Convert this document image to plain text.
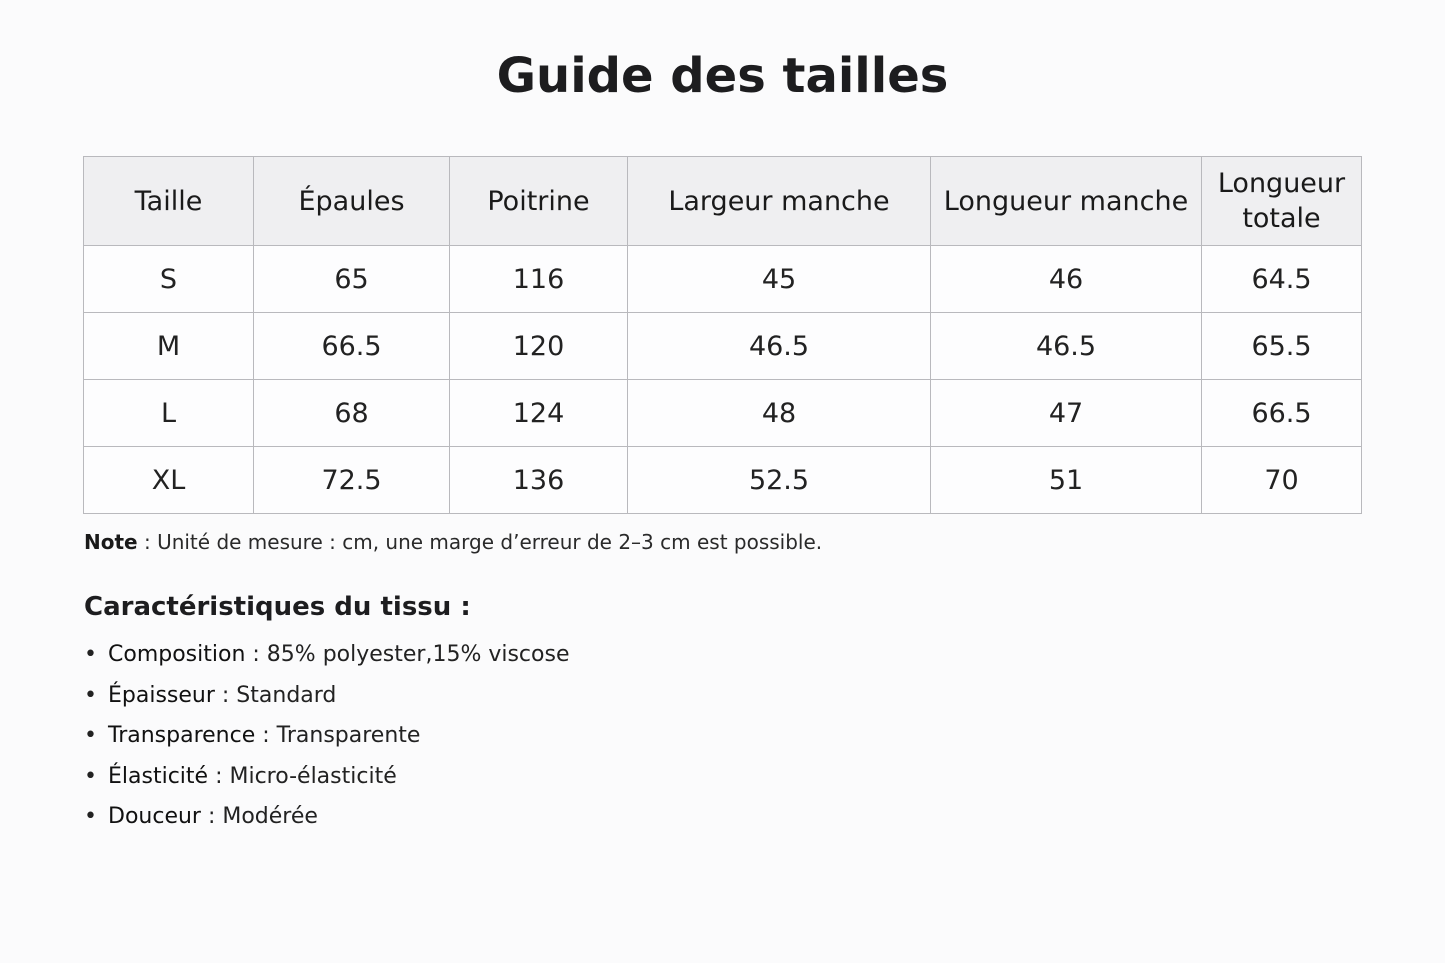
Guide des tailles
Taille	Épaules	Poitrine	Largeur manche	Longueur manche	Longueur totale
S	65	116	45	46	64.5
M	66.5	120	46.5	46.5	65.5
L	68	124	48	47	66.5
XL	72.5	136	52.5	51	70
Note : Unité de mesure : cm, une marge d’erreur de 2–3 cm est possible.
Caractéristiques du tissu :
• Composition : 85% polyester,15% viscose
• Épaisseur : Standard
• Transparence : Transparente
• Élasticité : Micro-élasticité
• Douceur : Modérée
